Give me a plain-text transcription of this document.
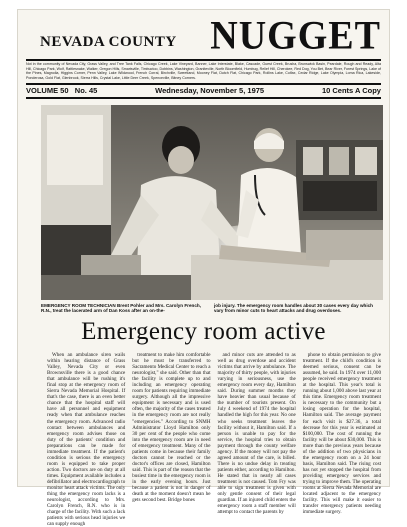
NEVADA COUNTY NUGGET
Not in the community of Nevada City, Grass Valley, and Tree Tank Falls, Chicago Creek, Lake Vineyard, Banner, Lake Interstate, Blake, Cascade, Guest Creek, Brusha, Brunswick Basin, Peardale, Rough and Ready, Alta Hill, Chicago Park, Wolf, Rattlesnake, Walker, Oregon Hills, Smartsville, Timbuctoo, Dobbins, Washington, Graniteville, North Bloomfield, Humbug, Relief Hill, Cherokee, Red Dog, You Bet, Bear River, Forest Springs, Lake of the Pines, Magnolia, Higgins Corner, Penn Valley, Lake Wildwood, French Corral, Birchville, Sweetland, Mooney Flat, Dutch Flat, Chicago Park, Rollins Lake, Colfax, Cedar Ridge, Lake Olympia, Loma Rica, Lakeside, Ponderosa, Gold Flat, Glenbrook, Sierra Hills, Crystal Lake, Little Deer Creek, Spenceville, Bitney Corners.
VOLUME 50 No. 45	Wednesday, November 5, 1975	10 Cents A Copy
EMERGENCY ROOM TECHNICIAN Brent Pohler and Mrs. Carolyn French, R.N., treat the lacerated arm of Dan Koss after an on-the-
job injury. The emergency room handles about 30 cases every day which vary from minor cuts to heart attacks and drug overdoses.
Emergency room active
When an ambulance siren wails within hearing distance of Grass Valley, Nevada City or even Brownsville there is a good chance that ambulance will be rushing it's final stop at the emergency room of Sierra Nevada Memorial Hospital. If that's the case, there is an even better chance that the hospital staff will have all personnel and equipment ready when that ambulance reaches the emergency room. Advanced radio contact between ambulances and emergency room advises those on duty of the patients' condition and preparations can be made for immediate treatment. If the patient's condition is serious the emergency room is equipped to take proper action. Two doctors are on duty at all times. Equipment available includes a defibrillator and electrocardiograph to monitor heart attack victims. The only thing the emergency room lacks is a neurologist, according to Mrs. Carolyn French, R.N. who is in charge of the facility. With such a lack patients with serious head injuries we can supply enough
treatment to make him comfortable but he must be transferred to Sacramento Medical Center to reach a neurologist," she said. Other than that the facility is complete up to and including an emergency operating room for patients requiring immediate surgery. Although all the impressive equipment is necessary and is used often, the majority of the cases treated in the emergency room are not really "emergencies." According to SNMH Administrator Lloyd Hamilton only 30 per cent of the people who come into the emergency room are in need of emergency treatment. Many of the patients come in because their family doctors cannot be reached or the doctor's offices are closed, Hamilton said. This is part of the reason that the busiest time in the emergency room is in the early evening hours. Just because a patient is not in danger of death at the moment doesn't mean he gets second best. Bridge bones
and minor cuts are attended to as well as drug overdose and accident victims that arrive by ambulance. The majority of thirty people, with injuries varying in seriousness, use the emergency room every day, Hamilton said. During summer months they have heavier than usual because of the number of tourists present. On July 4 weekend of 1974 the hospital handled the high for this year. No one who seeks treatment leaves the facility without it, Hamilton said. If a person is unable to pay for the service, the hospital tries to obtain payment through the county welfare agency. If the money will not pay the agreed amount of the care, is billed. There is no undue delay in treating patients either, according to Hamilton. He stated that in nearly all cases treatment is not caused. Tom Fry was able to sign treatment is given with only gentle consent of their legal guardian. If an injured child enters the emergency room a staff member will attempt to contact the parents by
phone to obtain permission to give treatment. If the child's condition is deemed serious, consent can be assumed, he said. In 1974 over 11,000 people received emergency treatment at the hospital. This year's total is running about 1,000 above last year at this time. Emergency room treatment is necessary to the community but a losing operation for the hospital, Hamilton said. The average payment for each visit is $27.36, a total decrease for this year is estimated at $100,000. The cost of running the facility will be about $30,000. This is more than the previous years because of the addition of two physicians in the emergency room on a 24 hour basis, Hamilton said. The rising cost has not yet stopped the hospital from providing emergency services and trying to improve them. The operating rooms at Sierra Nevada Memorial are located adjacent to the emergency facility. This will make it easier to transfer emergency patients needing immediate surgery.
